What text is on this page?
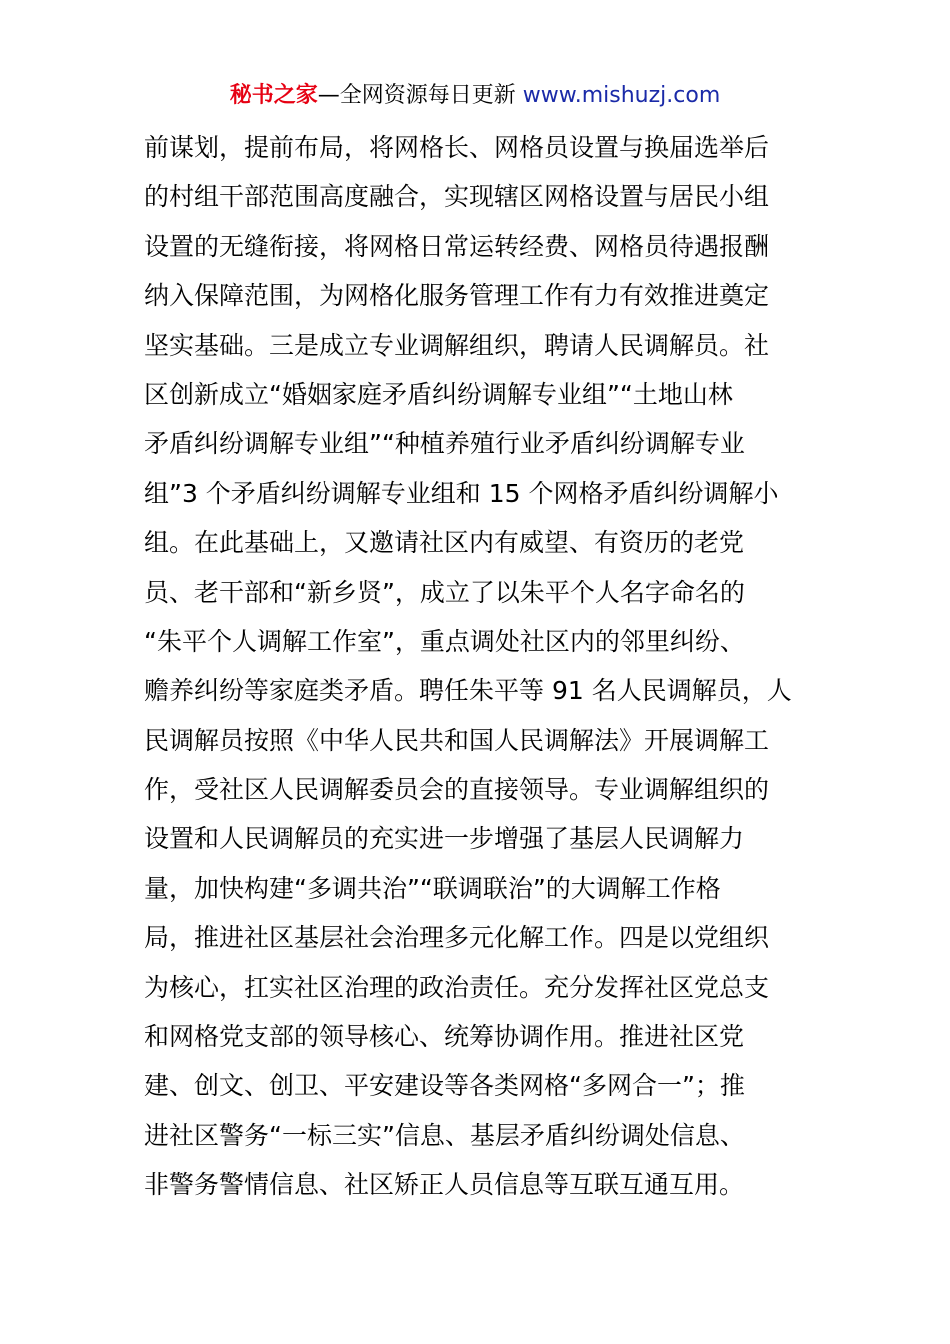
秘书之家—全网资源每日更新 www.mishuzj.com
前谋划，提前布局，将网格长、网格员设置与换届选举后
的村组干部范围高度融合，实现辖区网格设置与居民小组
设置的无缝衔接，将网格日常运转经费、网格员待遇报酬
纳入保障范围，为网格化服务管理工作有力有效推进奠定
坚实基础。三是成立专业调解组织，聘请人民调解员。社
区创新成立“婚姻家庭矛盾纠纷调解专业组”“土地山林
矛盾纠纷调解专业组”“种植养殖行业矛盾纠纷调解专业
组”3 个矛盾纠纷调解专业组和 15 个网格矛盾纠纷调解小
组。在此基础上，又邀请社区内有威望、有资历的老党
员、老干部和“新乡贤”，成立了以朱平个人名字命名的
“朱平个人调解工作室”，重点调处社区内的邻里纠纷、
赡养纠纷等家庭类矛盾。聘任朱平等 91 名人民调解员，人
民调解员按照《中华人民共和国人民调解法》开展调解工
作，受社区人民调解委员会的直接领导。专业调解组织的
设置和人民调解员的充实进一步增强了基层人民调解力
量，加快构建“多调共治”“联调联治”的大调解工作格
局，推进社区基层社会治理多元化解工作。四是以党组织
为核心，扛实社区治理的政治责任。充分发挥社区党总支
和网格党支部的领导核心、统筹协调作用。推进社区党
建、创文、创卫、平安建设等各类网格“多网合一”；推
进社区警务“一标三实”信息、基层矛盾纠纷调处信息、
非警务警情信息、社区矫正人员信息等互联互通互用。
